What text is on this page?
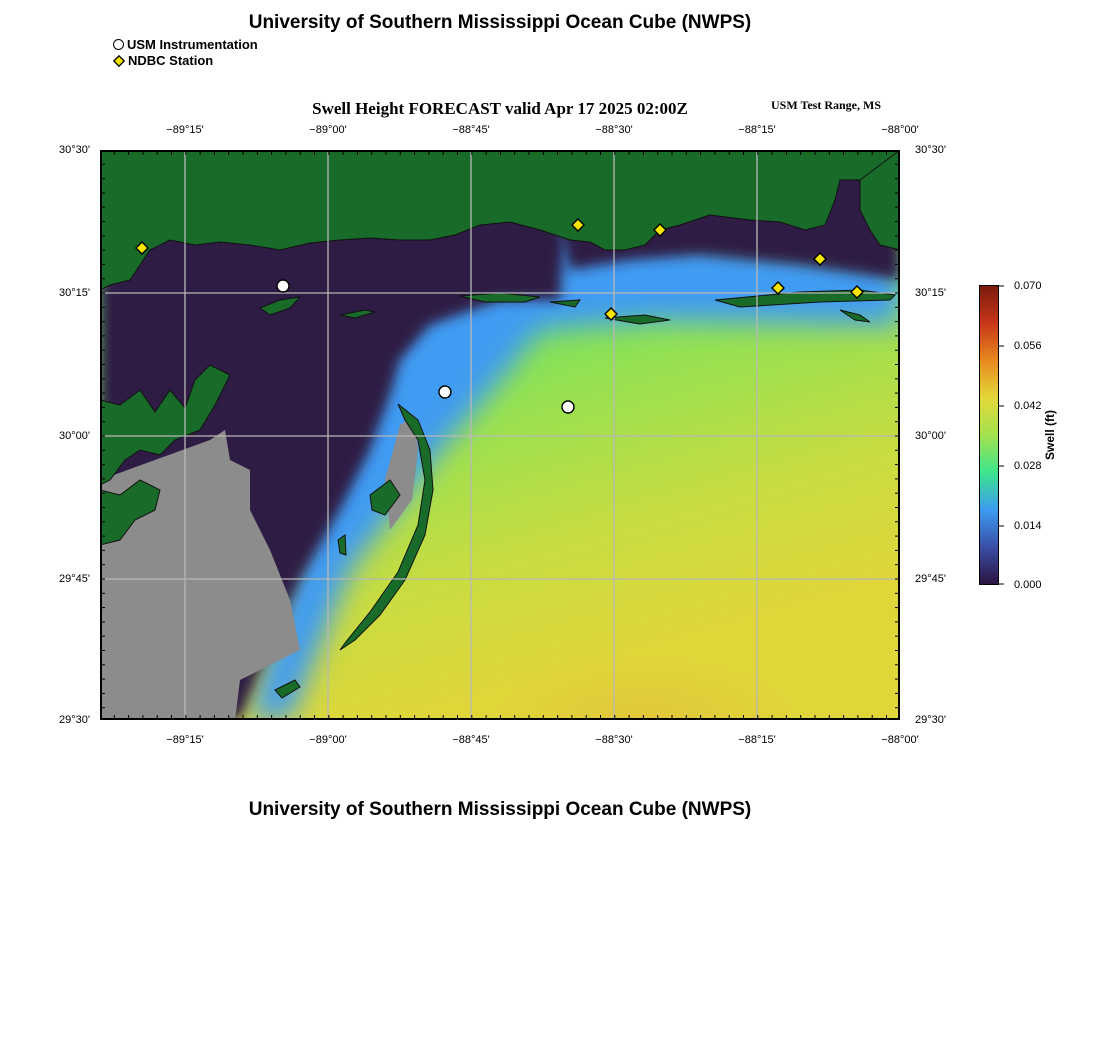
University of Southern Mississippi Ocean Cube (NWPS)
USM Instrumentation
NDBC Station
Swell Height FORECAST valid Apr 17 2025 02:00Z	USM Test Range, MS
−89°15'	−89°00'	−88°45'	−88°30'	−88°15'	−88°00'
−89°15'	−89°00'	−88°45'	−88°30'	−88°15'	−88°00'
30°30'
30°15'
30°00'
29°45'
29°30'
30°30'
30°15'
30°00'
29°45'
29°30'
0.070
0.056
0.042
0.028
0.014
0.000
Swell (ft)
University of Southern Mississippi Ocean Cube (NWPS)
